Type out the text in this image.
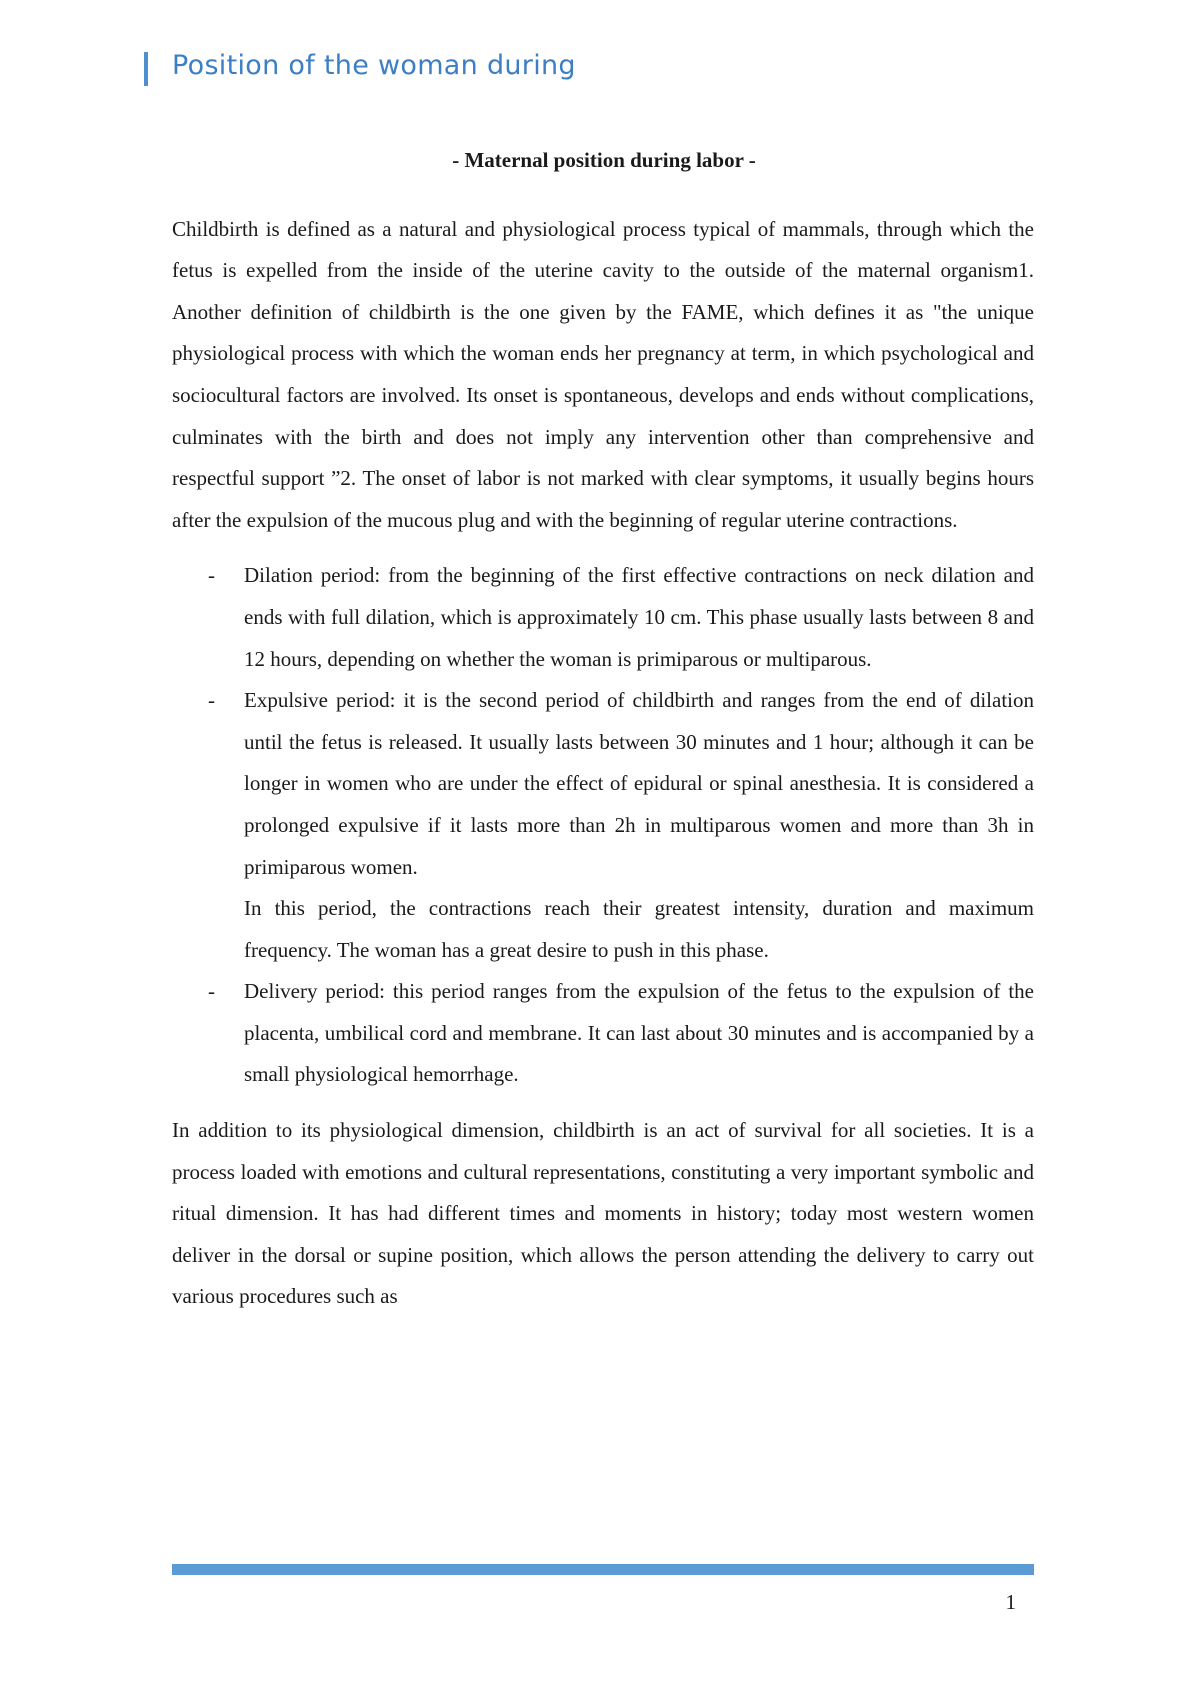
Position of the woman during

- Maternal position during labor -

Childbirth is defined as a natural and physiological process typical of mammals, through which the fetus is expelled from the inside of the uterine cavity to the outside of the maternal organism1. Another definition of childbirth is the one given by the FAME, which defines it as "the unique physiological process with which the woman ends her pregnancy at term, in which psychological and sociocultural factors are involved. Its onset is spontaneous, develops and ends without complications, culminates with the birth and does not imply any intervention other than comprehensive and respectful support ”2. The onset of labor is not marked with clear symptoms, it usually begins hours after the expulsion of the mucous plug and with the beginning of regular uterine contractions.

- Dilation period: from the beginning of the first effective contractions on neck dilation and ends with full dilation, which is approximately 10 cm. This phase usually lasts between 8 and 12 hours, depending on whether the woman is primiparous or multiparous.
- Expulsive period: it is the second period of childbirth and ranges from the end of dilation until the fetus is released. It usually lasts between 30 minutes and 1 hour; although it can be longer in women who are under the effect of epidural or spinal anesthesia. It is considered a prolonged expulsive if it lasts more than 2h in multiparous women and more than 3h in primiparous women.
In this period, the contractions reach their greatest intensity, duration and maximum frequency. The woman has a great desire to push in this phase.
- Delivery period: this period ranges from the expulsion of the fetus to the expulsion of the placenta, umbilical cord and membrane. It can last about 30 minutes and is accompanied by a small physiological hemorrhage.

In addition to its physiological dimension, childbirth is an act of survival for all societies. It is a process loaded with emotions and cultural representations, constituting a very important symbolic and ritual dimension. It has had different times and moments in history; today most western women deliver in the dorsal or supine position, which allows the person attending the delivery to carry out various procedures such as

1
